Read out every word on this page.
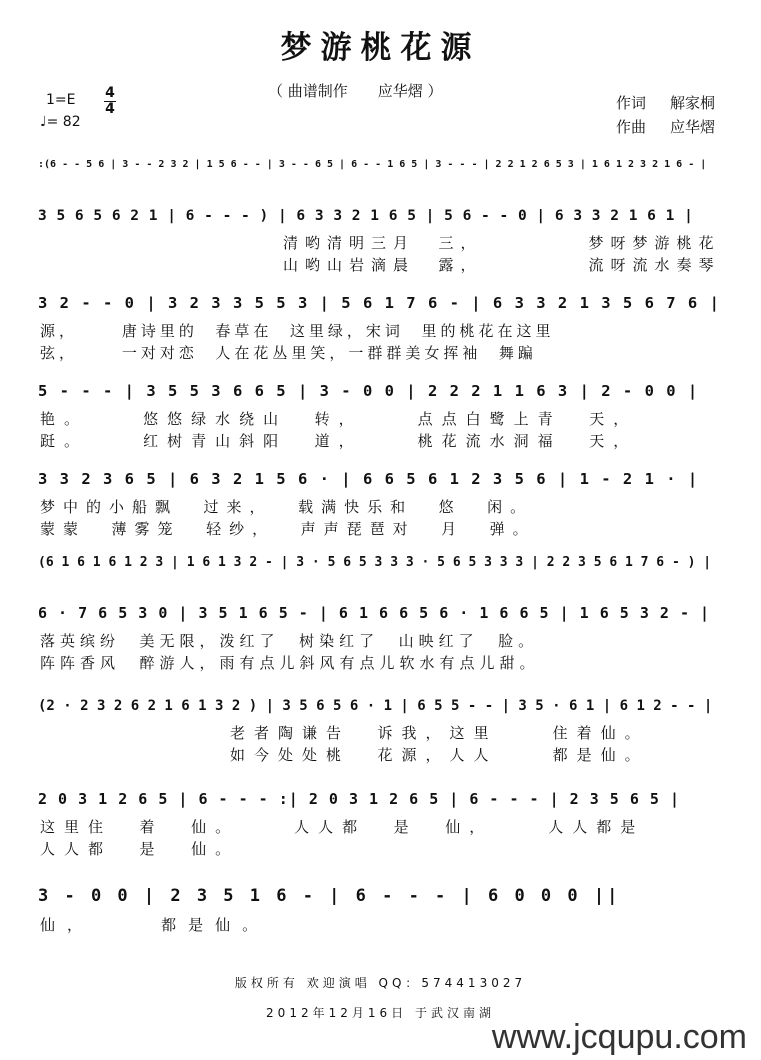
梦游桃花源
（ 曲谱制作　　应华熠 ）
1=E 4
4
♩= 82
作词 解家桐
作曲 应华熠
:(6 - - 5 6 | 3 - - 2 3 2 | 1 5 6 - - | 3 - - 6 5 | 6 - - 1 6 5 | 3 - - - | 2 2 1 2 6 5 3 | 1 6 1 2 3 2 1 6 - |
3 5 6 5 6 2 1 | 6 - - - ) | 6 3 3 2 1 6 5 | 5 6 - - 0 | 6 3 3 2 1 6 1 |
清哟清明三月  三，         梦呀梦游桃花
山哟山岩滴晨  露，         流呀流水奏琴
3 2 - - 0 | 3 2 3 3 5 5 3 | 5 6 1 7 6 - | 6 3 3 2 1 3 5 6 7 6 |
源，     唐诗里的  春草在  这里绿，宋词  里的桃花在这里
弦，     一对对恋  人在花丛里笑，一群群美女挥袖  舞蹁
5 - - - | 3 5 5 3 6 6 5 | 3 - 0 0 | 2 2 2 1 1 6 3 | 2 - 0 0 |
艳。    悠悠绿水绕山  转，    点点白鹭上青  天，
跹。    红树青山斜阳  道，    桃花流水洞福  天，
3 3 2 3 6 5 | 6 3 2 1 5 6 · | 6 6 5 6 1 2 3 5 6 | 1 - 2 1 · |
梦中的小船飘  过来，  载满快乐和  悠  闲。
蒙蒙  薄雾笼  轻纱，  声声琵琶对  月  弹。
(6 1 6 1 6 1 2 3 | 1 6 1 3 2 - | 3 · 5 6 5 3 3 3 · 5 6 5 3 3 3 | 2 2 3 5 6 1 7 6 - ) |
6 · 7 6 5 3 0 | 3 5 1 6 5 - | 6 1 6 6 5 6 · 1 6 6 5 | 1 6 5 3 2 - |
落英缤纷  美无限，泼红了  树染红了  山映红了  脸。
阵阵香风  醉游人，雨有点儿斜风有点儿软水有点儿甜。
(2 · 2 3 2 6 2 1 6 1 3 2 ) | 3 5 6 5 6 · 1 | 6 5 5 - - | 3 5 · 6 1 | 6 1 2 - - |
老者陶谦告  诉我，这里    住着仙。
如今处处桃  花源，人人    都是仙。
2 0 3 1 2 6 5 | 6 - - - :| 2 0 3 1 2 6 5 | 6 - - - | 2 3 5 6 5 |
这里住  着  仙。    人人都  是  仙，    人人都是
人人都  是  仙。
3 - 0 0 | 2 3 5 1 6 - | 6 - - - | 6 0 0 0 ||
仙，    都是仙。
版权所有 欢迎演唱 QQ：574413027
2012年12月16日 于武汉南湖
www.jcqupu.com
